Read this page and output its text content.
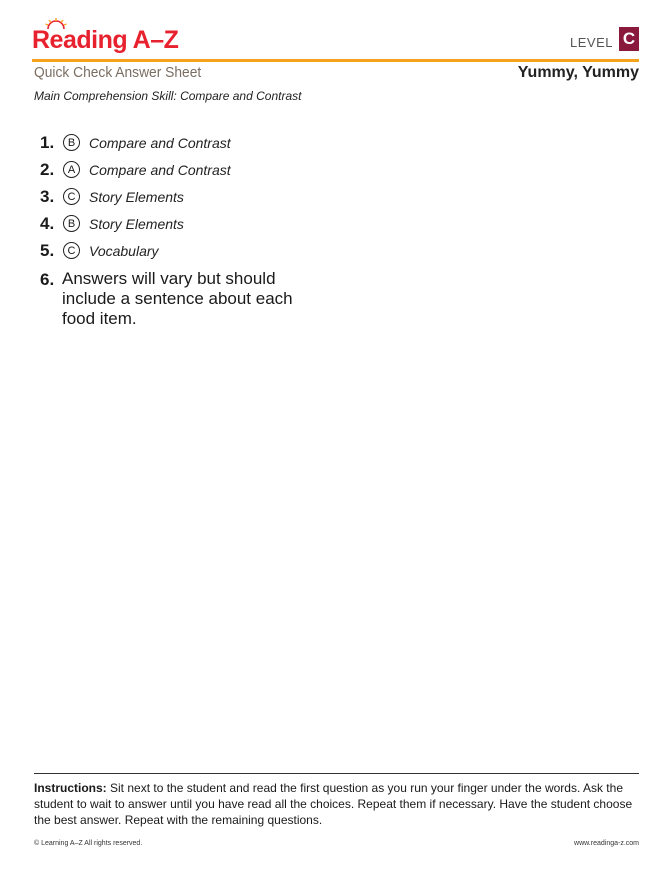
Reading A–Z	LEVEL C
Quick Check Answer Sheet	Yummy, Yummy
Main Comprehension Skill: Compare and Contrast
1.	B Compare and Contrast
2.	A Compare and Contrast
3.	C Story Elements
4.	B Story Elements
5.	C Vocabulary
6. Answers will vary but should include a sentence about each food item.
Instructions: Sit next to the student and read the first question as you run your finger under the words. Ask the student to wait to answer until you have read all the choices. Repeat them if necessary. Have the student choose the best answer. Repeat with the remaining questions.
© Learning A–Z All rights reserved.	www.readinga-z.com
